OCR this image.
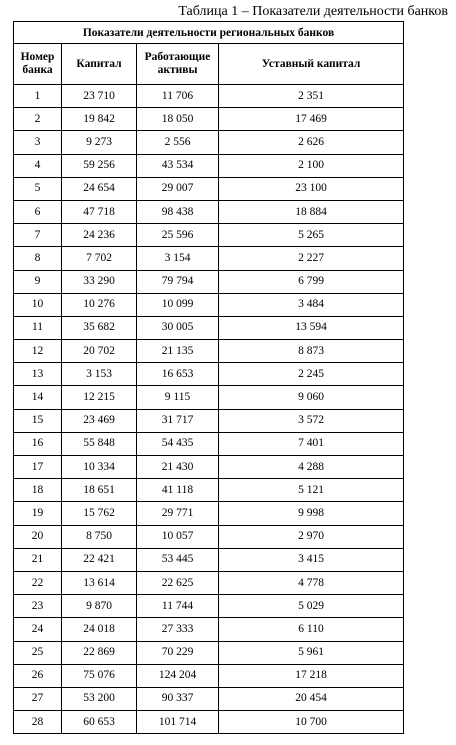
Таблица 1 – Показатели деятельности банков
Показатели деятельности региональных банков			
Номер банка	Капитал	Работающие активы	Уставный капитал
1	23 710	11 706	2 351
2	19 842	18 050	17 469
3	9 273	2 556	2 626
4	59 256	43 534	2 100
5	24 654	29 007	23 100
6	47 718	98 438	18 884
7	24 236	25 596	5 265
8	7 702	3 154	2 227
9	33 290	79 794	6 799
10	10 276	10 099	3 484
11	35 682	30 005	13 594
12	20 702	21 135	8 873
13	3 153	16 653	2 245
14	12 215	9 115	9 060
15	23 469	31 717	3 572
16	55 848	54 435	7 401
17	10 334	21 430	4 288
18	18 651	41 118	5 121
19	15 762	29 771	9 998
20	8 750	10 057	2 970
21	22 421	53 445	3 415
22	13 614	22 625	4 778
23	9 870	11 744	5 029
24	24 018	27 333	6 110
25	22 869	70 229	5 961
26	75 076	124 204	17 218
27	53 200	90 337	20 454
28	60 653	101 714	10 700
